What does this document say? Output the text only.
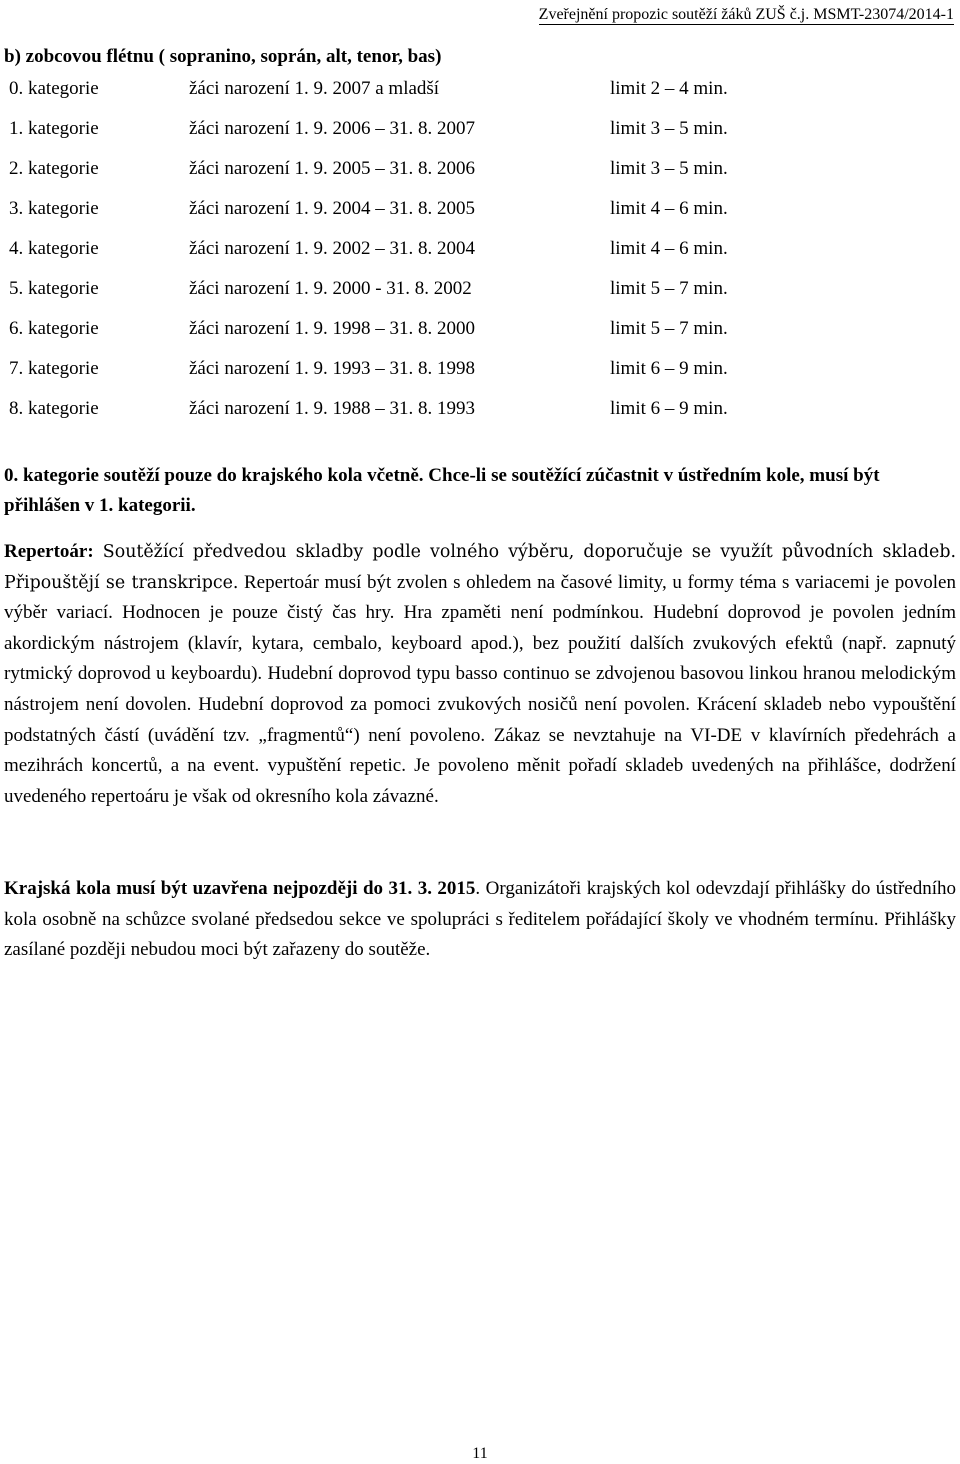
Zveřejnění propozic soutěží žáků ZUŠ č.j. MSMT-23074/2014-1
b) zobcovou flétnu ( sopranino, soprán, alt, tenor, bas)
0. kategorie	žáci narození 1. 9. 2007 a mladší	limit 2 – 4 min.
1. kategorie	žáci narození 1. 9. 2006 – 31. 8. 2007	limit 3 – 5 min.
2. kategorie	žáci narození 1. 9. 2005 – 31. 8. 2006	limit 3 – 5 min.
3. kategorie	žáci narození 1. 9. 2004 – 31. 8. 2005	limit 4 – 6 min.
4. kategorie	žáci narození 1. 9. 2002 – 31. 8. 2004	limit 4 – 6 min.
5. kategorie	žáci narození 1. 9. 2000 - 31. 8. 2002	limit 5 – 7 min.
6. kategorie	žáci narození 1. 9. 1998 – 31. 8. 2000	limit 5 – 7 min.
7. kategorie	žáci narození 1. 9. 1993 – 31. 8. 1998	limit 6 – 9 min.
8. kategorie	žáci narození 1. 9. 1988 – 31. 8. 1993	limit 6 – 9 min.

0. kategorie soutěží pouze do krajského kola včetně. Chce-li se soutěžící zúčastnit v ústředním kole, musí být přihlášen v 1. kategorii.

Repertoár: Soutěžící předvedou skladby podle volného výběru, doporučuje se využít původních skladeb. Připouštějí se transkripce. Repertoár musí být zvolen s ohledem na časové limity, u formy téma s variacemi je povolen výběr variací. Hodnocen je pouze čistý čas hry. Hra zpaměti není podmínkou. Hudební doprovod je povolen jedním akordickým nástrojem (klavír, kytara, cembalo, keyboard apod.), bez použití dalších zvukových efektů (např. zapnutý rytmický doprovod u keyboardu). Hudební doprovod typu basso continuo se zdvojenou basovou linkou hranou melodickým nástrojem není dovolen. Hudební doprovod za pomoci zvukových nosičů není povolen. Krácení skladeb nebo vypouštění podstatných částí (uvádění tzv. „fragmentů“) není povoleno. Zákaz se nevztahuje na VI-DE v klavírních předehrách a mezihrách koncertů, a na event. vypuštění repetic. Je povoleno měnit pořadí skladeb uvedených na přihlášce, dodržení uvedeného repertoáru je však od okresního kola závazné.

Krajská kola musí být uzavřena nejpozději do 31. 3. 2015. Organizátoři krajských kol odevzdají přihlášky do ústředního kola osobně na schůzce svolané předsedou sekce ve spolupráci s ředitelem pořádající školy ve vhodném termínu. Přihlášky zasílané později nebudou moci být zařazeny do soutěže.

11
